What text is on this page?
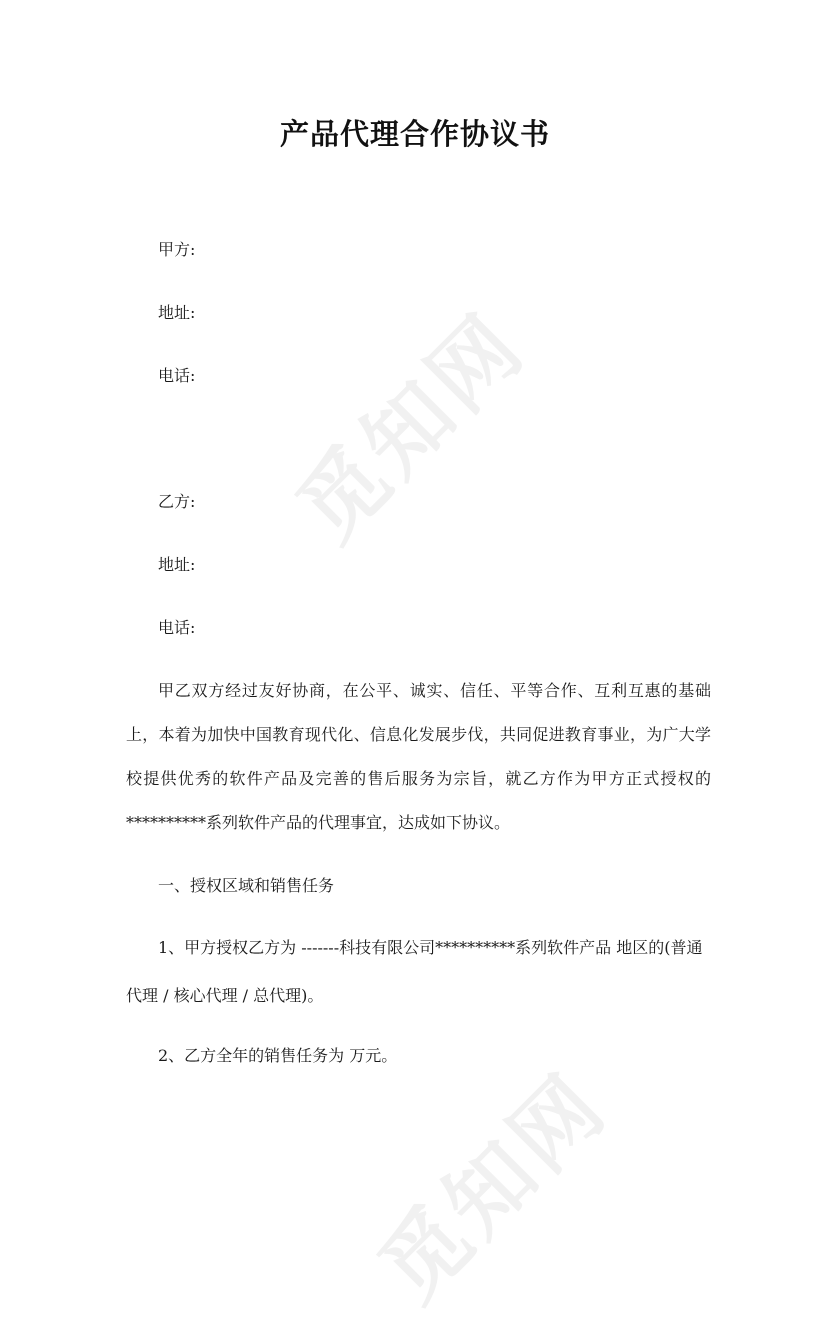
觅知网
觅知网
产品代理合作协议书
甲方:
地址:
电话:
乙方:
地址:
电话:

甲乙双方经过友好协商，在公平、诚实、信任、平等合作、互利互惠的基础上，本着为加快中国教育现代化、信息化发展步伐，共同促进教育事业，为广大学校提供优秀的软件产品及完善的售后服务为宗旨，就乙方作为甲方正式授权的**********系列软件产品的代理事宜，达成如下协议。

一、授权区域和销售任务

1、甲方授权乙方为 -------科技有限公司**********系列软件产品 地区的(普通代理 / 核心代理 / 总代理)。

2、乙方全年的销售任务为 万元。
